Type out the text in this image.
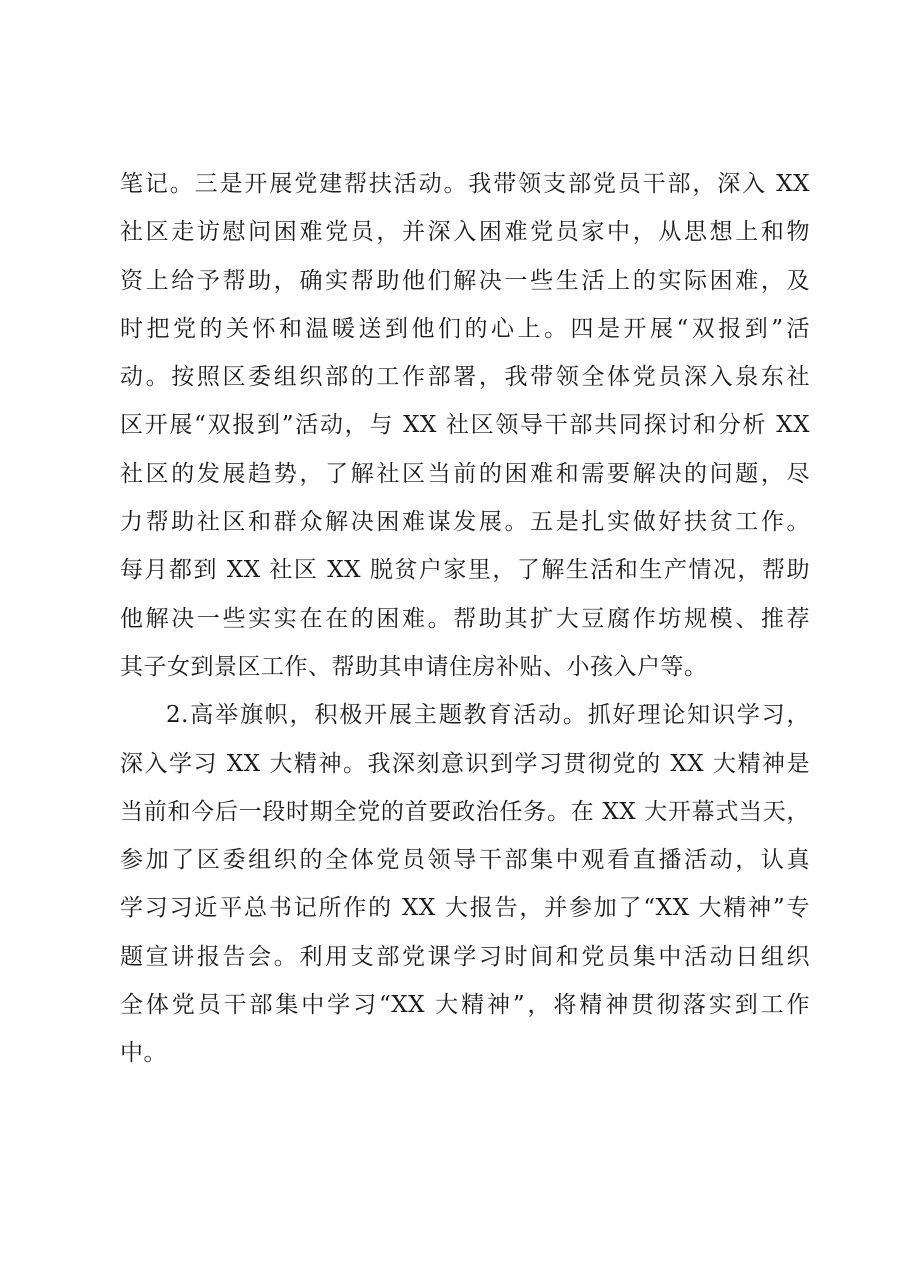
笔记。三是开展党建帮扶活动。我带领支部党员干部，深入 XX
社区走访慰问困难党员，并深入困难党员家中，从思想上和物
资上给予帮助，确实帮助他们解决一些生活上的实际困难，及
时把党的关怀和温暖送到他们的心上。四是开展“双报到”活
动。按照区委组织部的工作部署，我带领全体党员深入泉东社
区开展“双报到”活动，与 XX 社区领导干部共同探讨和分析 XX
社区的发展趋势，了解社区当前的困难和需要解决的问题，尽
力帮助社区和群众解决困难谋发展。五是扎实做好扶贫工作。
每月都到 XX 社区 XX 脱贫户家里，了解生活和生产情况，帮助
他解决一些实实在在的困难。帮助其扩大豆腐作坊规模、推荐
其子女到景区工作、帮助其申请住房补贴、小孩入户等。
2.高举旗帜，积极开展主题教育活动。抓好理论知识学习，
深入学习 XX 大精神。我深刻意识到学习贯彻党的 XX 大精神是
当前和今后一段时期全党的首要政治任务。在 XX 大开幕式当天，
参加了区委组织的全体党员领导干部集中观看直播活动，认真
学习习近平总书记所作的 XX 大报告，并参加了“XX 大精神”专
题宣讲报告会。利用支部党课学习时间和党员集中活动日组织
全体党员干部集中学习“XX 大精神”，将精神贯彻落实到工作
中。
